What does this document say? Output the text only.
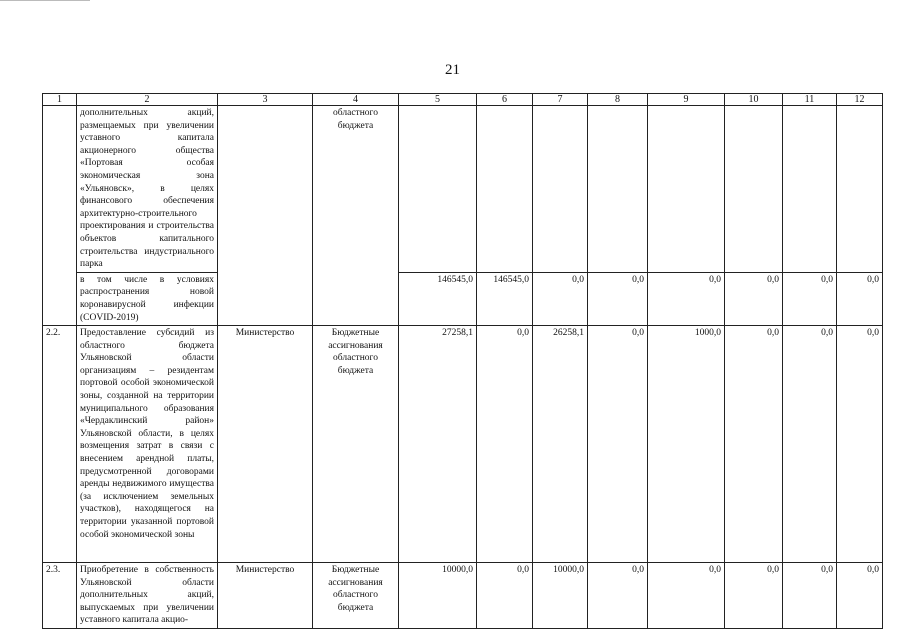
21
1	2	3	4	5	6	7	8	9	10	11	12
	дополнительных акций, размещаемых при увеличении уставного капитала акционерного общества «Портовая особая экономическая зона «Ульяновск», в целях финансового обеспечения архитектурно-строительного проектирования и строительства объектов капитального строительства индустриального парка		областного бюджета								
	в том числе в условиях распространения новой коронавирусной инфекции (COVID-2019)			146545,0	146545,0	0,0	0,0	0,0	0,0	0,0	0,0
2.2.	Предоставление субсидий из областного бюджета Ульяновской области организациям – резидентам портовой особой экономической зоны, созданной на территории муниципального образования «Чердаклинский район» Ульяновской области, в целях возмещения затрат в связи с внесением арендной платы, предусмотренной договорами аренды недвижимого имущества (за исключением земельных участков), находящегося на территории указанной портовой особой экономической зоны	Министерство	Бюджетные ассигнования областного бюджета	27258,1	0,0	26258,1	0,0	1000,0	0,0	0,0	0,0
2.3.	Приобретение в собственность Ульяновской области дополнительных акций, выпускаемых при увеличении уставного капитала акцио-	Министерство	Бюджетные ассигнования областного бюджета	10000,0	0,0	10000,0	0,0	0,0	0,0	0,0	0,0
